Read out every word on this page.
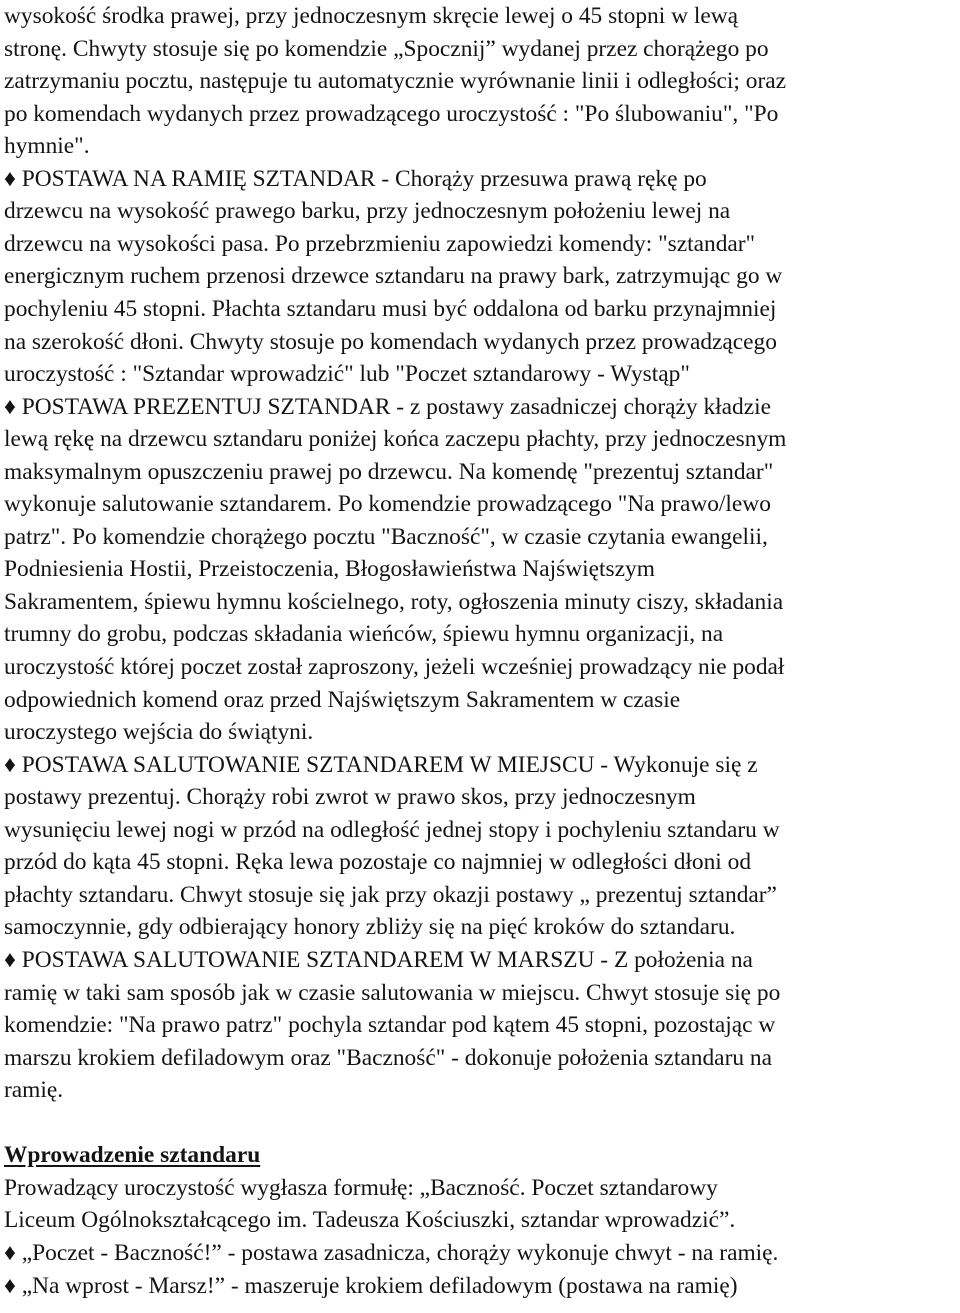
wysokość środka prawej, przy jednoczesnym skręcie lewej o 45 stopni w lewą

stronę. Chwyty stosuje się po komendzie „Spocznij” wydanej przez chorążego po

zatrzymaniu pocztu, następuje tu automatycznie wyrównanie linii i odległości; oraz

po komendach wydanych przez prowadzącego uroczystość : "Po ślubowaniu", "Po

hymnie".

♦ POSTAWA NA RAMIĘ SZTANDAR - Chorąży przesuwa prawą rękę po

drzewcu na wysokość prawego barku, przy jednoczesnym położeniu lewej na

drzewcu na wysokości pasa. Po przebrzmieniu zapowiedzi komendy: "sztandar"

energicznym ruchem przenosi drzewce sztandaru na prawy bark, zatrzymując go w

pochyleniu 45 stopni. Płachta sztandaru musi być oddalona od barku przynajmniej

na szerokość dłoni. Chwyty stosuje po komendach wydanych przez prowadzącego

uroczystość : "Sztandar wprowadzić" lub "Poczet sztandarowy - Wystąp"

♦ POSTAWA PREZENTUJ SZTANDAR - z postawy zasadniczej chorąży kładzie

lewą rękę na drzewcu sztandaru poniżej końca zaczepu płachty, przy jednoczesnym

maksymalnym opuszczeniu prawej po drzewcu. Na komendę "prezentuj sztandar"

wykonuje salutowanie sztandarem. Po komendzie prowadzącego "Na prawo/lewo

patrz". Po komendzie chorążego pocztu "Baczność", w czasie czytania ewangelii,

Podniesienia Hostii, Przeistoczenia, Błogosławieństwa Najświętszym

Sakramentem, śpiewu hymnu kościelnego, roty, ogłoszenia minuty ciszy, składania

trumny do grobu, podczas składania wieńców, śpiewu hymnu organizacji, na

uroczystość której poczet został zaproszony, jeżeli wcześniej prowadzący nie podał

odpowiednich komend oraz przed Najświętszym Sakramentem w czasie

uroczystego wejścia do świątyni.

♦ POSTAWA SALUTOWANIE SZTANDAREM W MIEJSCU - Wykonuje się z

postawy prezentuj. Chorąży robi zwrot w prawo skos, przy jednoczesnym

wysunięciu lewej nogi w przód na odległość jednej stopy i pochyleniu sztandaru w

przód do kąta 45 stopni. Ręka lewa pozostaje co najmniej w odległości dłoni od

płachty sztandaru. Chwyt stosuje się jak przy okazji postawy „ prezentuj sztandar”

samoczynnie, gdy odbierający honory zbliży się na pięć kroków do sztandaru.

♦ POSTAWA SALUTOWANIE SZTANDAREM W MARSZU - Z położenia na

ramię w taki sam sposób jak w czasie salutowania w miejscu. Chwyt stosuje się po

komendzie: "Na prawo patrz" pochyla sztandar pod kątem 45 stopni, pozostając w

marszu krokiem defiladowym oraz "Baczność" - dokonuje położenia sztandaru na

ramię.

Wprowadzenie sztandaru

Prowadzący uroczystość wygłasza formułę: „Baczność. Poczet sztandarowy

Liceum Ogólnokształcącego im. Tadeusza Kościuszki, sztandar wprowadzić”.

♦ „Poczet - Baczność!” - postawa zasadnicza, chorąży wykonuje chwyt - na ramię.

♦ „Na wprost - Marsz!” - maszeruje krokiem defiladowym (postawa na ramię)
